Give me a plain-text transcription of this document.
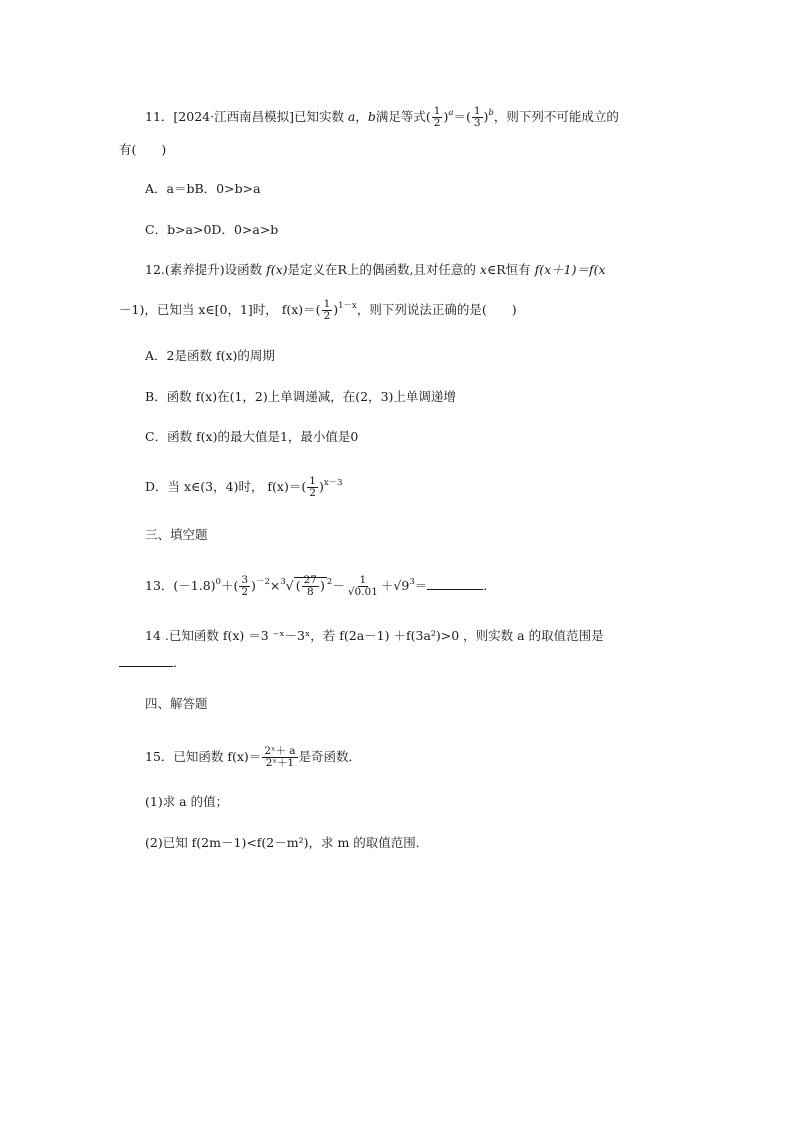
11．[2024·江西南昌模拟]已知实数 a，b满足等式( $\frac{1}{2} )^a=( \frac{1}{3} )^b$，则下列不可能成立的
有(　　)
A．a＝bB．0>b>a
C．b>a>0D．0>a>b
12.(素养提升)设函数 f(x)是定义在R上的偶函数,且对任意的 x∈R恒有 f(x＋1)＝f(x
－1)，已知当 x∈[0，1]时， $f(x)=( \frac{1}{2} )^{1-x}$，则下列说法正确的是(　　)
A．2是函数 f(x)的周期
B．函数 f(x)在(1，2)上单调递减，在(2，3)上单调递增
C．函数 f(x)的最大值是1，最小值是0
D．当 x∈(3，4)时， $f(x)=( \frac{1}{2} )^{x-3}$
三、填空题
13．$(-1.8)^0+( \frac{3}{2} )^{-2}\times^3√$ ( $\frac{27}{8}$ ) $^2- \frac{1}{√0.01} +√9^3=$	．
14 .已知函数 f(x) ＝3 ⁻ˣ－3ˣ，若 f(2a－1) ＋f(3a²)>0 ，则实数 a 的取值范围是
．
四、解答题
15．已知函数 $f(x)= \frac{\text{2ˣ＋ a}}{\text{2ˣ＋1}}$ 是奇函数．
(1)求 a 的值；
(2)已知 f(2m－1)<f(2－m²)，求 m 的取值范围．
